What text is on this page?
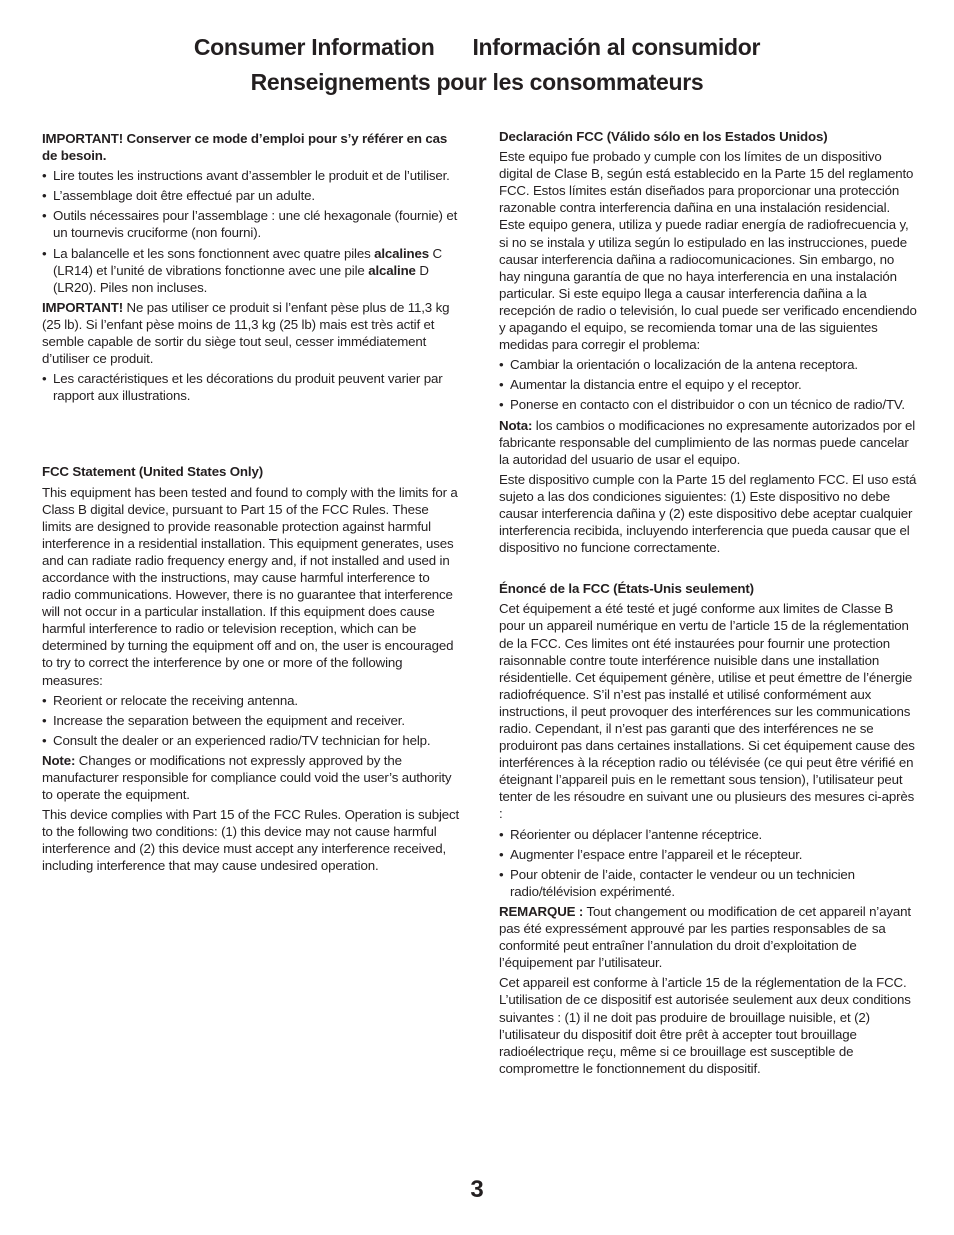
Consumer Information Información al consumidor
Renseignements pour les consommateurs

IMPORTANT! Conserver ce mode d’emploi pour s’y référer en cas de besoin.

• Lire toutes les instructions avant d’assembler le produit et de l’utiliser.
• L’assemblage doit être effectué par un adulte.
• Outils nécessaires pour l’assemblage : une clé hexagonale (fournie) et un tournevis cruciforme (non fourni).
• La balancelle et les sons fonctionnent avec quatre piles alcalines C (LR14) et l’unité de vibrations fonctionne avec une pile alcaline D (LR20). Piles non incluses.

IMPORTANT! Ne pas utiliser ce produit si l’enfant pèse plus de 11,3 kg (25 lb). Si l’enfant pèse moins de 11,3 kg (25 lb) mais est très actif et semble capable de sortir du siège tout seul, cesser immédiatement d’utiliser ce produit.

• Les caractéristiques et les décorations du produit peuvent varier par rapport aux illustrations.

FCC Statement (United States Only)

This equipment has been tested and found to comply with the limits for a Class B digital device, pursuant to Part 15 of the FCC Rules. These limits are designed to provide reasonable protection against harmful interference in a residential installation. This equipment generates, uses and can radiate radio frequency energy and, if not installed and used in accordance with the instructions, may cause harmful interference to radio communications. However, there is no guarantee that interference will not occur in a particular installation. If this equipment does cause harmful interference to radio or television reception, which can be determined by turning the equipment off and on, the user is encouraged to try to correct the interference by one or more of the following measures:

• Reorient or relocate the receiving antenna.
• Increase the separation between the equipment and receiver.
• Consult the dealer or an experienced radio/TV technician for help.

Note: Changes or modifications not expressly approved by the manufacturer responsible for compliance could void the user’s authority to operate the equipment.

This device complies with Part 15 of the FCC Rules. Operation is subject to the following two conditions: (1) this device may not cause harmful interference and (2) this device must accept any interference received, including interference that may cause undesired operation.

Declaración FCC (Válido sólo en los Estados Unidos)

Este equipo fue probado y cumple con los límites de un dispositivo digital de Clase B, según está establecido en la Parte 15 del reglamento FCC. Estos límites están diseñados para proporcionar una protección razonable contra interferencia dañina en una instalación residencial. Este equipo genera, utiliza y puede radiar energía de radiofrecuencia y, si no se instala y utiliza según lo estipulado en las instrucciones, puede causar interferencia dañina a radiocomunicaciones. Sin embargo, no hay ninguna garantía de que no haya interferencia en una instalación particular. Si este equipo llega a causar interferencia dañina a la recepción de radio o televisión, lo cual puede ser verificado encendiendo y apagando el equipo, se recomienda tomar una de las siguientes medidas para corregir el problema:

• Cambiar la orientación o localización de la antena receptora.
• Aumentar la distancia entre el equipo y el receptor.
• Ponerse en contacto con el distribuidor o con un técnico de radio/TV.

Nota: los cambios o modificaciones no expresamente autorizados por el fabricante responsable del cumplimiento de las normas puede cancelar la autoridad del usuario de usar el equipo.

Este dispositivo cumple con la Parte 15 del reglamento FCC. El uso está sujeto a las dos condiciones siguientes: (1) Este dispositivo no debe causar interferencia dañina y (2) este dispositivo debe aceptar cualquier interferencia recibida, incluyendo interferencia que pueda causar que el dispositivo no funcione correctamente.

Énoncé de la FCC (États-Unis seulement)

Cet équipement a été testé et jugé conforme aux limites de Classe B pour un appareil numérique en vertu de l’article 15 de la réglementation de la FCC. Ces limites ont été instaurées pour fournir une protection raisonnable contre toute interférence nuisible dans une installation résidentielle. Cet équipement génère, utilise et peut émettre de l’énergie radiofréquence. S’il n’est pas installé et utilisé conformément aux instructions, il peut provoquer des interférences sur les communications radio. Cependant, il n’est pas garanti que des interférences ne se produiront pas dans certaines installations. Si cet équipement cause des interférences à la réception radio ou télévisée (ce qui peut être vérifié en éteignant l’appareil puis en le remettant sous tension), l’utilisateur peut tenter de les résoudre en suivant une ou plusieurs des mesures ci-après :

• Réorienter ou déplacer l’antenne réceptrice.
• Augmenter l’espace entre l’appareil et le récepteur.
• Pour obtenir de l’aide, contacter le vendeur ou un technicien radio/télévision expérimenté.

REMARQUE : Tout changement ou modification de cet appareil n’ayant pas été expressément approuvé par les parties responsables de sa conformité peut entraîner l’annulation du droit d’exploitation de l’équipement par l’utilisateur.

Cet appareil est conforme à l’article 15 de la réglementation de la FCC. L’utilisation de ce dispositif est autorisée seulement aux deux conditions suivantes : (1) il ne doit pas produire de brouillage nuisible, et (2) l’utilisateur du dispositif doit être prêt à accepter tout brouillage radioélectrique reçu, même si ce brouillage est susceptible de compromettre le fonctionnement du dispositif.

3
